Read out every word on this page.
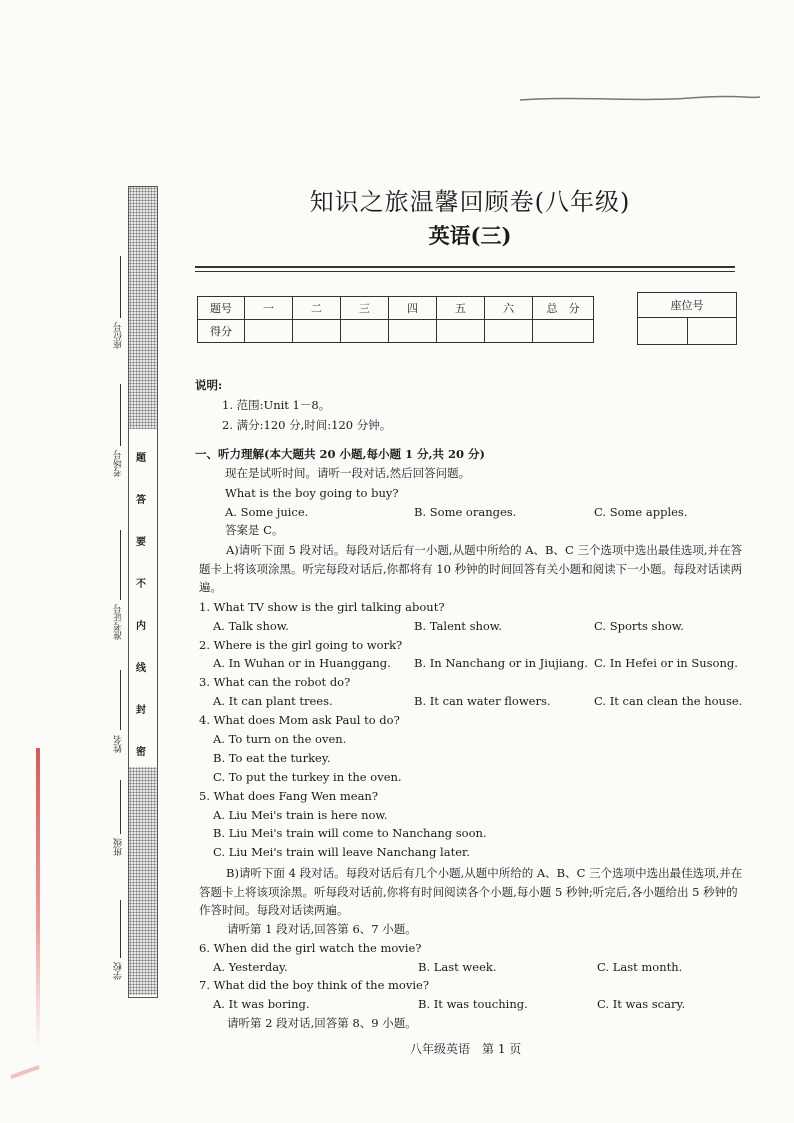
题
答
要
不
内
线
封
密
座位号
考场号
准考证号
姓名
班级
学校
知识之旅温馨回顾卷(八年级)
英语(三)
题号	一	二	三	四	五	六	总　分
得分							
座位号

说明:
1. 范围:Unit 1－8。
2. 满分:120 分,时间:120 分钟。
一、听力理解(本大题共 20 小题,每小题 1 分,共 20 分)
现在是试听时间。请听一段对话,然后回答问题。
What is the boy going to buy?
A. Some juice.	B. Some oranges.	C. Some apples.
答案是 C。
A)请听下面 5 段对话。每段对话后有一小题,从题中所给的 A、B、C 三个选项中选出最佳选项,并在答题卡上将该项涂黑。听完每段对话后,你都将有 10 秒钟的时间回答有关小题和阅读下一小题。每段对话读两遍。
1. What TV show is the girl talking about?
A. Talk show.	B. Talent show.	C. Sports show.
2. Where is the girl going to work?
A. In Wuhan or in Huanggang. B. In Nanchang or in Jiujiang. C. In Hefei or in Susong.
3. What can the robot do?
A. It can plant trees.	B. It can water flowers.	C. It can clean the house.
4. What does Mom ask Paul to do?
A. To turn on the oven.
B. To eat the turkey.
C. To put the turkey in the oven.
5. What does Fang Wen mean?
A. Liu Mei's train is here now.
B. Liu Mei's train will come to Nanchang soon.
C. Liu Mei's train will leave Nanchang later.
B)请听下面 4 段对话。每段对话后有几个小题,从题中所给的 A、B、C 三个选项中选出最佳选项,并在答题卡上将该项涂黑。听每段对话前,你将有时间阅读各个小题,每小题 5 秒钟;听完后,各小题给出 5 秒钟的作答时间。每段对话读两遍。
请听第 1 段对话,回答第 6、7 小题。
6. When did the girl watch the movie?
A. Yesterday.	B. Last week.	C. Last month.
7. What did the boy think of the movie?
A. It was boring.	B. It was touching.	C. It was scary.
请听第 2 段对话,回答第 8、9 小题。
八年级英语　第 1 页
